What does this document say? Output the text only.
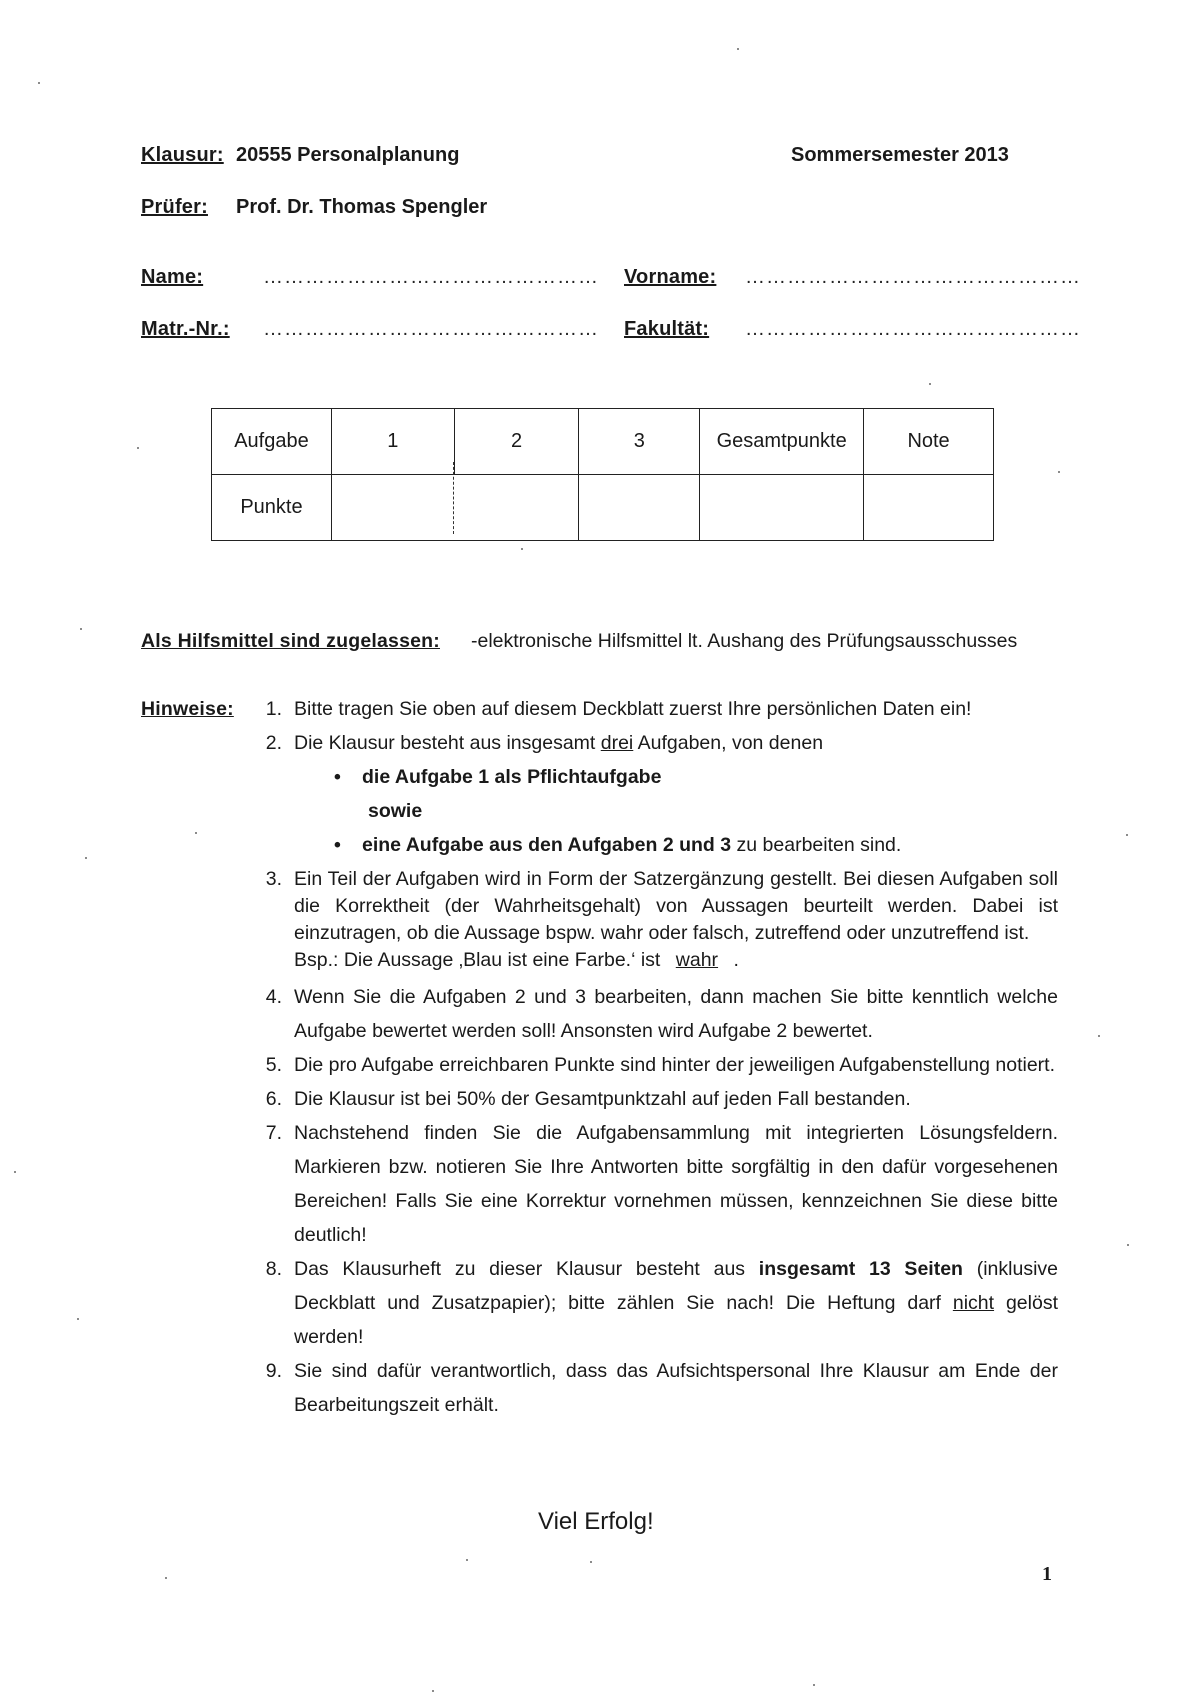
Klausur: 20555 Personalplanung	Sommersemester 2013
Prüfer: Prof. Dr. Thomas Spengler
Name:	………………………………………… Vorname: …………………………………………
Matr.-Nr.: ………………………………………… Fakultät: …………………………………………
Aufgabe	1	2	3	Gesamtpunkte	Note
Punkte					
Als Hilfsmittel sind zugelassen: -elektronische Hilfsmittel lt. Aushang des Prüfungsausschusses
Hinweise:	1. Bitte tragen Sie oben auf diesem Deckblatt zuerst Ihre persönlichen Daten ein!
2. Die Klausur besteht aus insgesamt drei Aufgaben, von denen
• die Aufgabe 1 als Pflichtaufgabe
sowie
• eine Aufgabe aus den Aufgaben 2 und 3 zu bearbeiten sind.
3. Ein Teil der Aufgaben wird in Form der Satzergänzung gestellt. Bei diesen Aufgaben soll die Korrektheit (der Wahrheitsgehalt) von Aussagen beurteilt werden. Dabei ist einzutragen, ob die Aussage bspw. wahr oder falsch, zutreffend oder unzutreffend ist.
Bsp.: Die Aussage ‚Blau ist eine Farbe.‘ ist wahr .
4. Wenn Sie die Aufgaben 2 und 3 bearbeiten, dann machen Sie bitte kenntlich welche Aufgabe bewertet werden soll! Ansonsten wird Aufgabe 2 bewertet.
5. Die pro Aufgabe erreichbaren Punkte sind hinter der jeweiligen Aufgabenstellung notiert.
6. Die Klausur ist bei 50% der Gesamtpunktzahl auf jeden Fall bestanden.
7. Nachstehend finden Sie die Aufgabensammlung mit integrierten Lösungsfeldern. Markieren bzw. notieren Sie Ihre Antworten bitte sorgfältig in den dafür vorgesehenen Bereichen! Falls Sie eine Korrektur vornehmen müssen, kennzeichnen Sie diese bitte deutlich!
8. Das Klausurheft zu dieser Klausur besteht aus insgesamt 13 Seiten (inklusive Deckblatt und Zusatzpapier); bitte zählen Sie nach! Die Heftung darf nicht gelöst werden!
9. Sie sind dafür verantwortlich, dass das Aufsichtspersonal Ihre Klausur am Ende der Bearbeitungszeit erhält.
Viel Erfolg!
1
